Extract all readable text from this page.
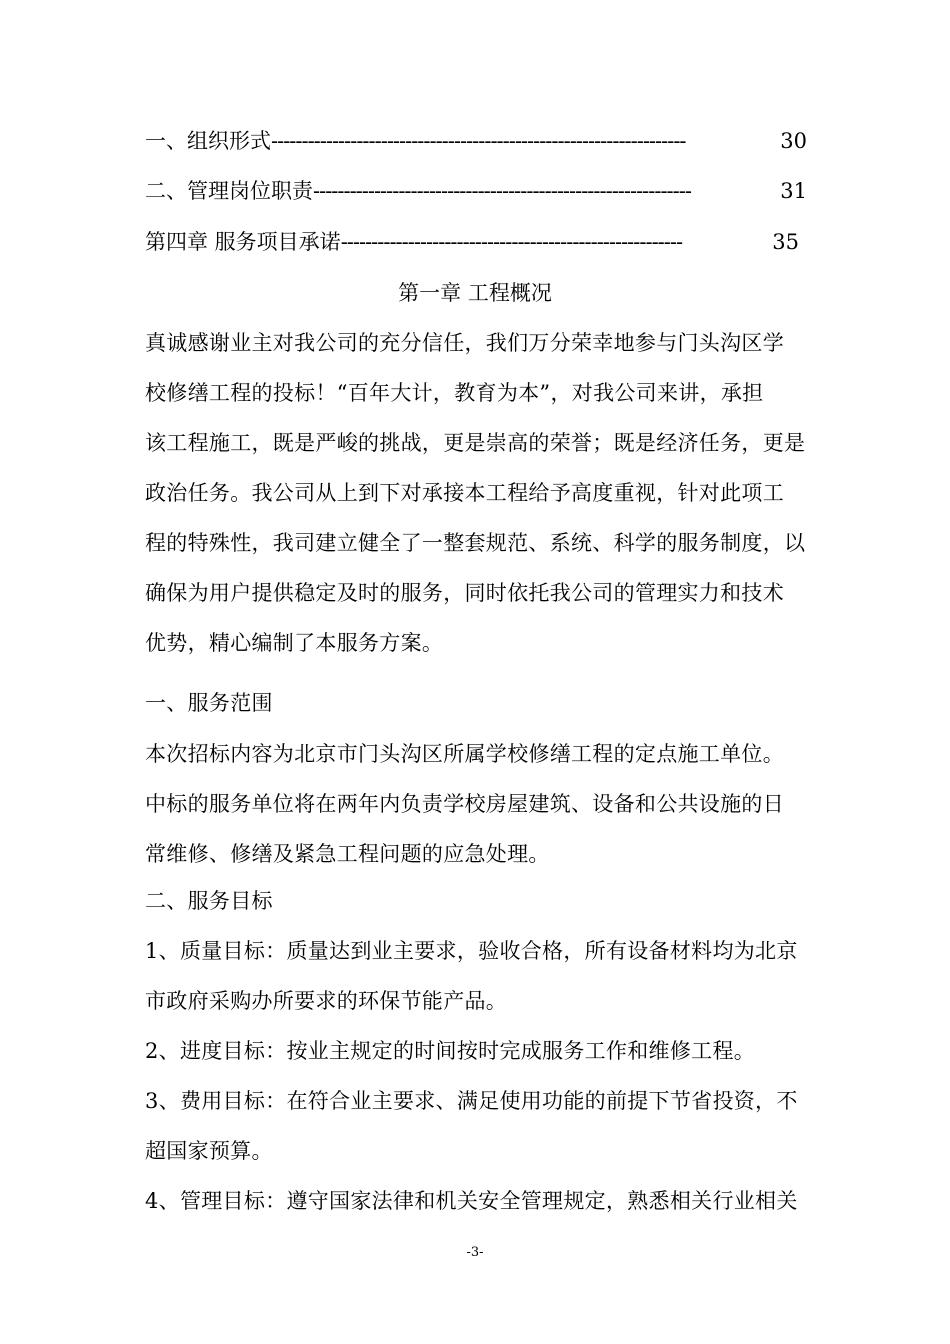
一、组织形式 --------------------------------------------------------------------	30
二、管理岗位职责 --------------------------------------------------------------	31
第四章 服务项目承诺 --------------------------------------------------------	35
第一章 工程概况
真诚感谢业主对我公司的充分信任，我们万分荣幸地参与门头沟区学
校修缮工程的投标！“百年大计，教育为本”，对我公司来讲，承担
该工程施工，既是严峻的挑战，更是崇高的荣誉；既是经济任务，更是
政治任务。我公司从上到下对承接本工程给予高度重视，针对此项工
程的特殊性，我司建立健全了一整套规范、系统、科学的服务制度，以
确保为用户提供稳定及时的服务，同时依托我公司的管理实力和技术
优势，精心编制了本服务方案。
一、服务范围
本次招标内容为北京市门头沟区所属学校修缮工程的定点施工单位。
中标的服务单位将在两年内负责学校房屋建筑、设备和公共设施的日
常维修、修缮及紧急工程问题的应急处理。
二、服务目标
1、质量目标：质量达到业主要求，验收合格，所有设备材料均为北京
市政府采购办所要求的环保节能产品。
2、进度目标：按业主规定的时间按时完成服务工作和维修工程。
3、费用目标：在符合业主要求、满足使用功能的前提下节省投资，不
超国家预算。
4、管理目标：遵守国家法律和机关安全管理规定，熟悉相关行业相关
-3-
